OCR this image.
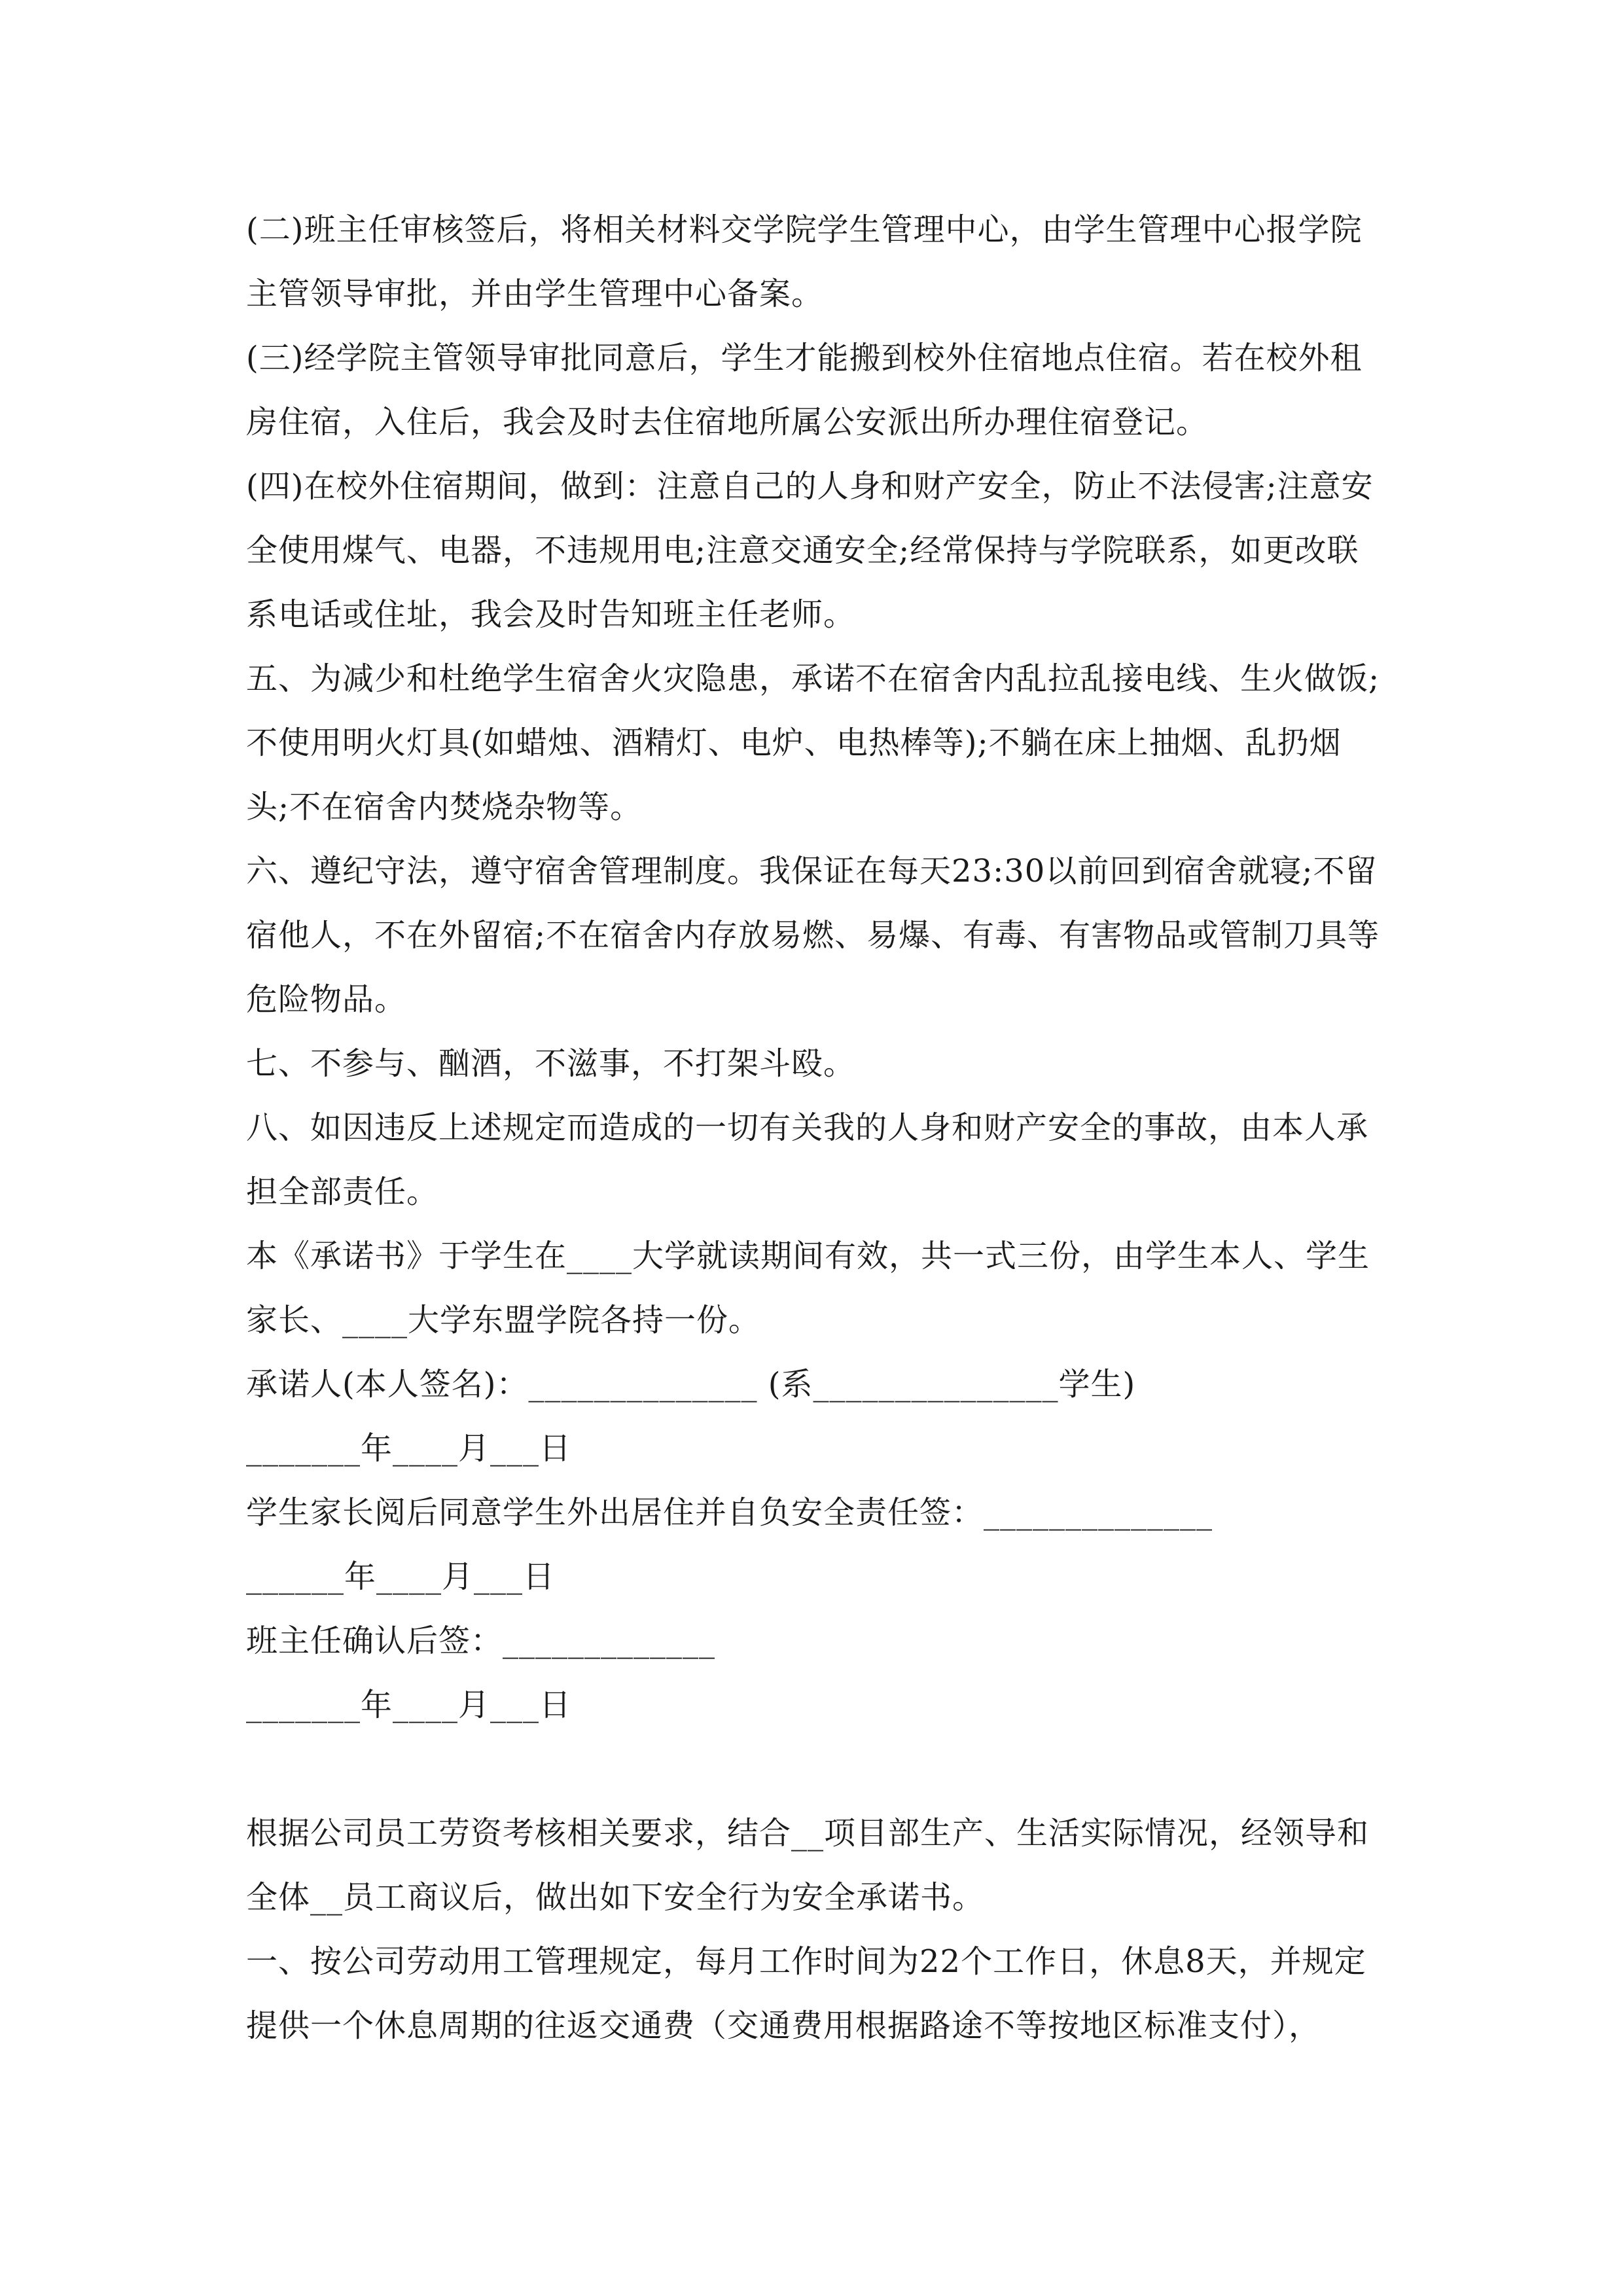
(二)班主任审核签后，将相关材料交学院学生管理中心，由学生管理中心报学院主管领导审批，并由学生管理中心备案。

(三)经学院主管领导审批同意后，学生才能搬到校外住宿地点住宿。若在校外租房住宿，入住后，我会及时去住宿地所属公安派出所办理住宿登记。

(四)在校外住宿期间，做到：注意自己的人身和财产安全，防止不法侵害;注意安全使用煤气、电器，不违规用电;注意交通安全;经常保持与学院联系，如更改联系电话或住址，我会及时告知班主任老师。

五、为减少和杜绝学生宿舍火灾隐患，承诺不在宿舍内乱拉乱接电线、生火做饭;不使用明火灯具(如蜡烛、酒精灯、电炉、电热棒等);不躺在床上抽烟、乱扔烟头;不在宿舍内焚烧杂物等。

六、遵纪守法，遵守宿舍管理制度。我保证在每天23:30以前回到宿舍就寝;不留宿他人，不在外留宿;不在宿舍内存放易燃、易爆、有毒、有害物品或管制刀具等危险物品。

七、不参与、酗酒，不滋事，不打架斗殴。

八、如因违反上述规定而造成的一切有关我的人身和财产安全的事故，由本人承担全部责任。

本《承诺书》于学生在____大学就读期间有效，共一式三份，由学生本人、学生家长、____大学东盟学院各持一份。

承诺人(本人签名)：______________ (系_______________学生)

_______年____月___日

学生家长阅后同意学生外出居住并自负安全责任签：______________

______年____月___日

班主任确认后签：_____________

_______年____月___日

根据公司员工劳资考核相关要求，结合__项目部生产、生活实际情况，经领导和全体__员工商议后，做出如下安全行为安全承诺书。

一、按公司劳动用工管理规定，每月工作时间为22个工作日，休息8天，并规定提供一个休息周期的往返交通费（交通费用根据路途不等按地区标准支付），
